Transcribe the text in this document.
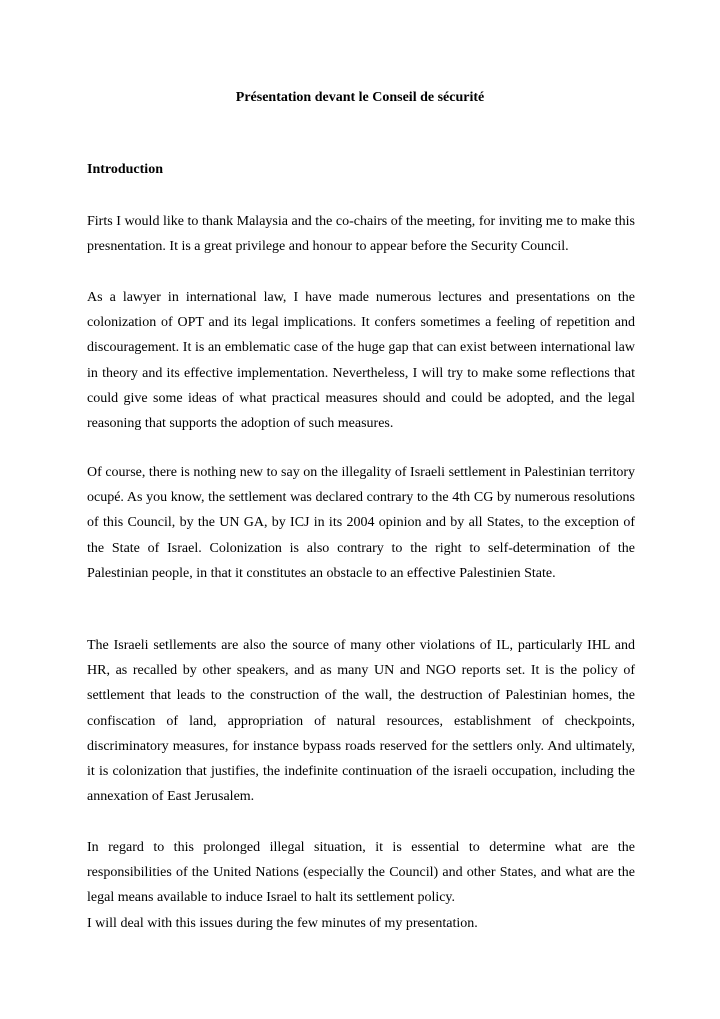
Présentation devant le Conseil de sécurité
Introduction

Firts I would like to thank Malaysia and the co-chairs of the meeting, for inviting me to make this presnentation. It is a great privilege and honour to appear before the Security Council.

As a lawyer in international law, I have made numerous lectures and presentations on the colonization of OPT and its legal implications. It confers sometimes a feeling of repetition and discouragement. It is an emblematic case of the huge gap that can exist between international law in theory and its effective implementation. Nevertheless, I will try to make some reflections that could give some ideas of what practical measures should and could be adopted, and the legal reasoning that supports the adoption of such measures.

Of course, there is nothing new to say on the illegality of Israeli settlement in Palestinian territory ocupé. As you know, the settlement was declared contrary to the 4th CG by numerous resolutions of this Council, by the UN GA, by ICJ in its 2004 opinion and by all States, to the exception of the State of Israel. Colonization is also contrary to the right to self-determination of the Palestinian people, in that it constitutes an obstacle to an effective Palestinien State.

The Israeli setllements are also the source of many other violations of IL, particularly IHL and HR, as recalled by other speakers, and as many UN and NGO reports set. It is the policy of settlement that leads to the construction of the wall, the destruction of Palestinian homes, the confiscation of land, appropriation of natural resources, establishment of checkpoints, discriminatory measures, for instance bypass roads reserved for the settlers only. And ultimately, it is colonization that justifies, the indefinite continuation of the israeli occupation, including the annexation of East Jerusalem.

In regard to this prolonged illegal situation, it is essential to determine what are the responsibilities of the United Nations (especially the Council) and other States, and what are the legal means available to induce Israel to halt its settlement policy.

I will deal with this issues during the few minutes of my presentation.
